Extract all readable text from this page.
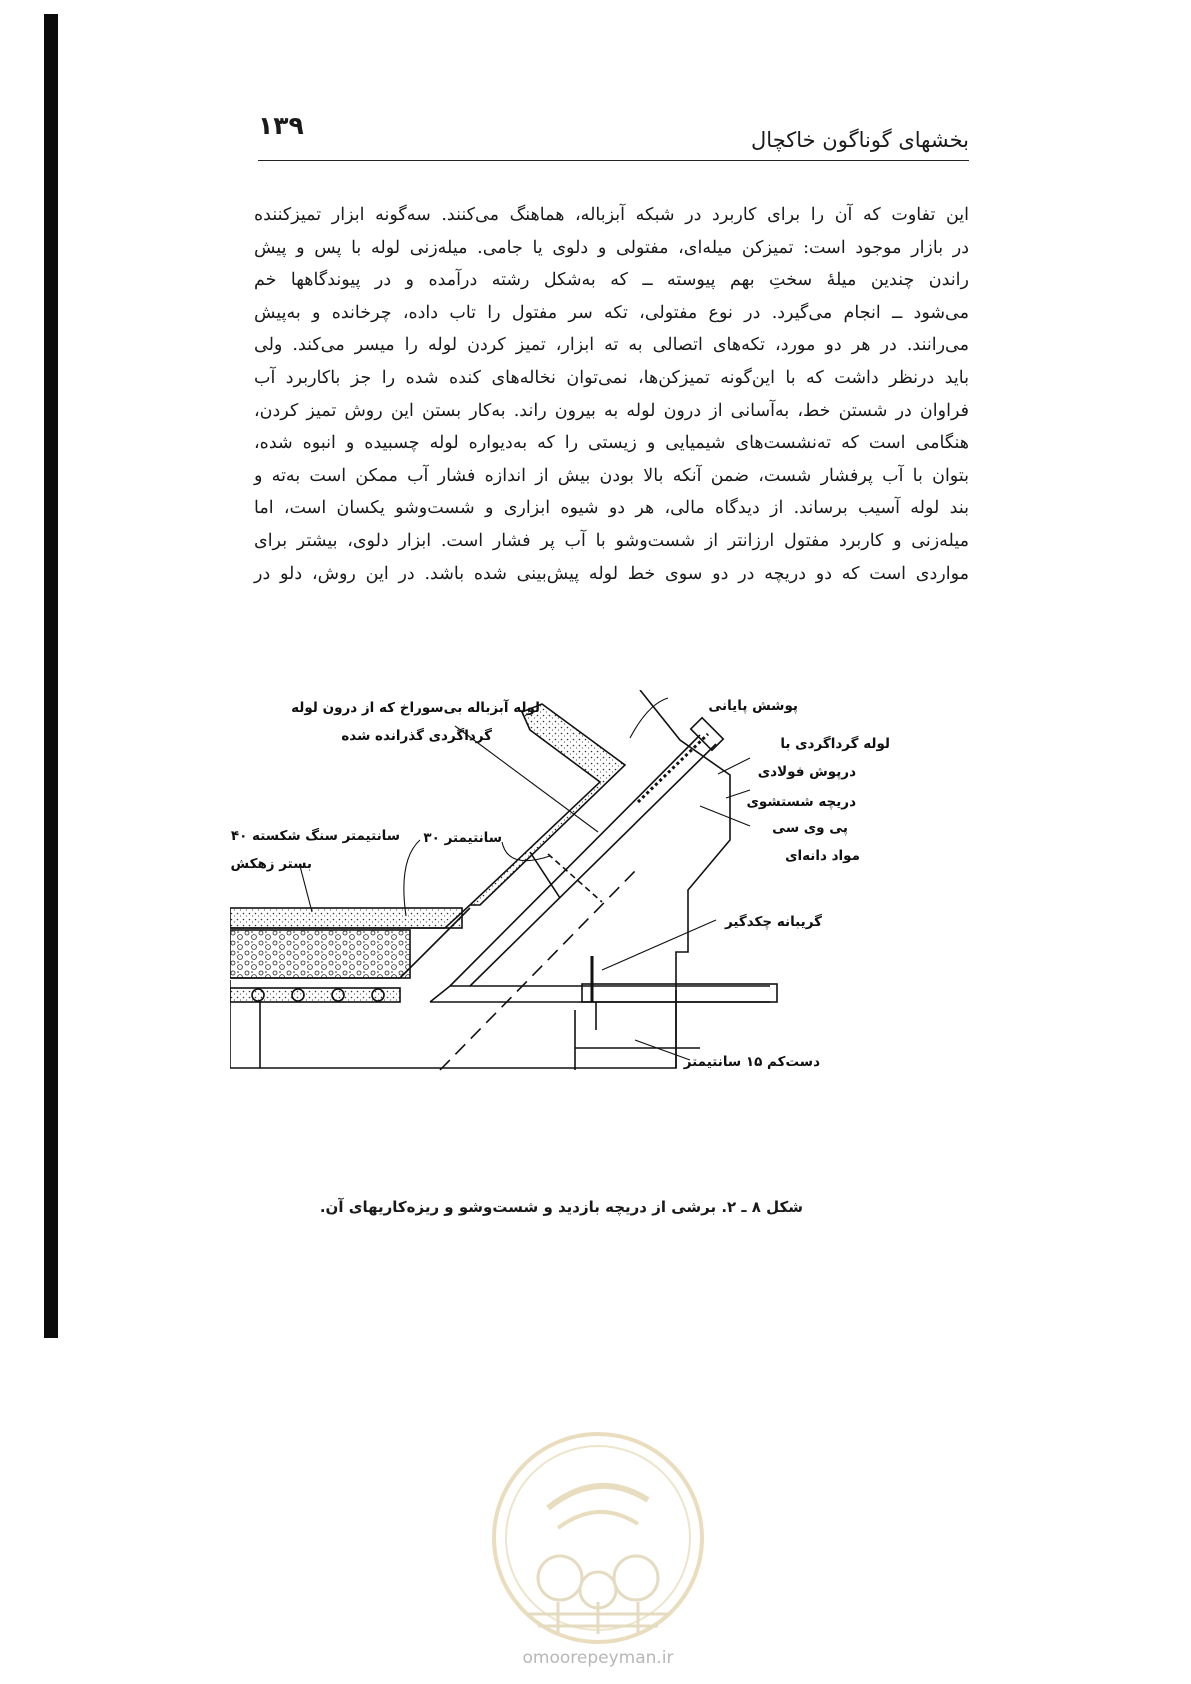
۱۳۹	بخشهای گوناگون خاکچال

این تفاوت که آن را برای کاربرد در شبکه آبزباله، هماهنگ می‌کنند. سه‌گونه ابزار تمیزکننده

در بازار موجود است: تمیزکن میله‌ای، مفتولی و دلوی یا جامی. میله‌زنی لوله با پس و پیش

راندن چندین میلهٔ سختِ بهم پیوسته ــ که به‌شکل رشته درآمده و در پیوندگاهها خم

می‌شود ــ انجام می‌گیرد. در نوع مفتولی، تکه سر مفتول را تاب داده، چرخانده و به‌پیش

می‌رانند. در هر دو مورد، تکه‌های اتصالی به ته ابزار، تمیز کردن لوله را میسر می‌کند. ولی

باید درنظر داشت که با این‌گونه تمیزکن‌ها، نمی‌توان نخاله‌های کنده شده را جز باکاربرد آب

فراوان در شستن خط، به‌آسانی از درون لوله به بیرون راند. به‌کار بستن این روش تمیز کردن،

هنگامی است که ته‌نشست‌های شیمیایی و زیستی را که به‌دیواره لوله چسبیده و انبوه شده،

بتوان با آب پرفشار شست، ضمن آنکه بالا بودن بیش از اندازه فشار آب ممکن است به‌ته و

بند لوله آسیب برساند. از دیدگاه مالی، هر دو شیوه ابزاری و شست‌وشو یکسان است، اما

میله‌زنی و کاربرد مفتول ارزانتر از شست‌وشو با آب پر فشار است. ابزار دلوی، بیشتر برای

مواردی است که دو دریچه در دو سوی خط لوله پیش‌بینی شده باشد. در این روش، دلو در

پوشش پایانی
لوله آبزباله بی‌سوراخ که از درون لوله
گردا‌گردی گذرانده شده	لوله گرداگردی با
درپوش فولادی
دریچه شستشوی
پی وی سی
مواد دانه‌ای
۴۰ سانتیمتر سنگ شکسته ۳۰ سانتیمتر
بستر زهکش
گریبانه چکدگیر
دست‌کم ۱۵ سانتیمتر
شکل ۸ ـ ۲. برشی از دریچه بازدید و شست‌وشو و ریزه‌کاریهای آن.
omoorepeyman.ir
